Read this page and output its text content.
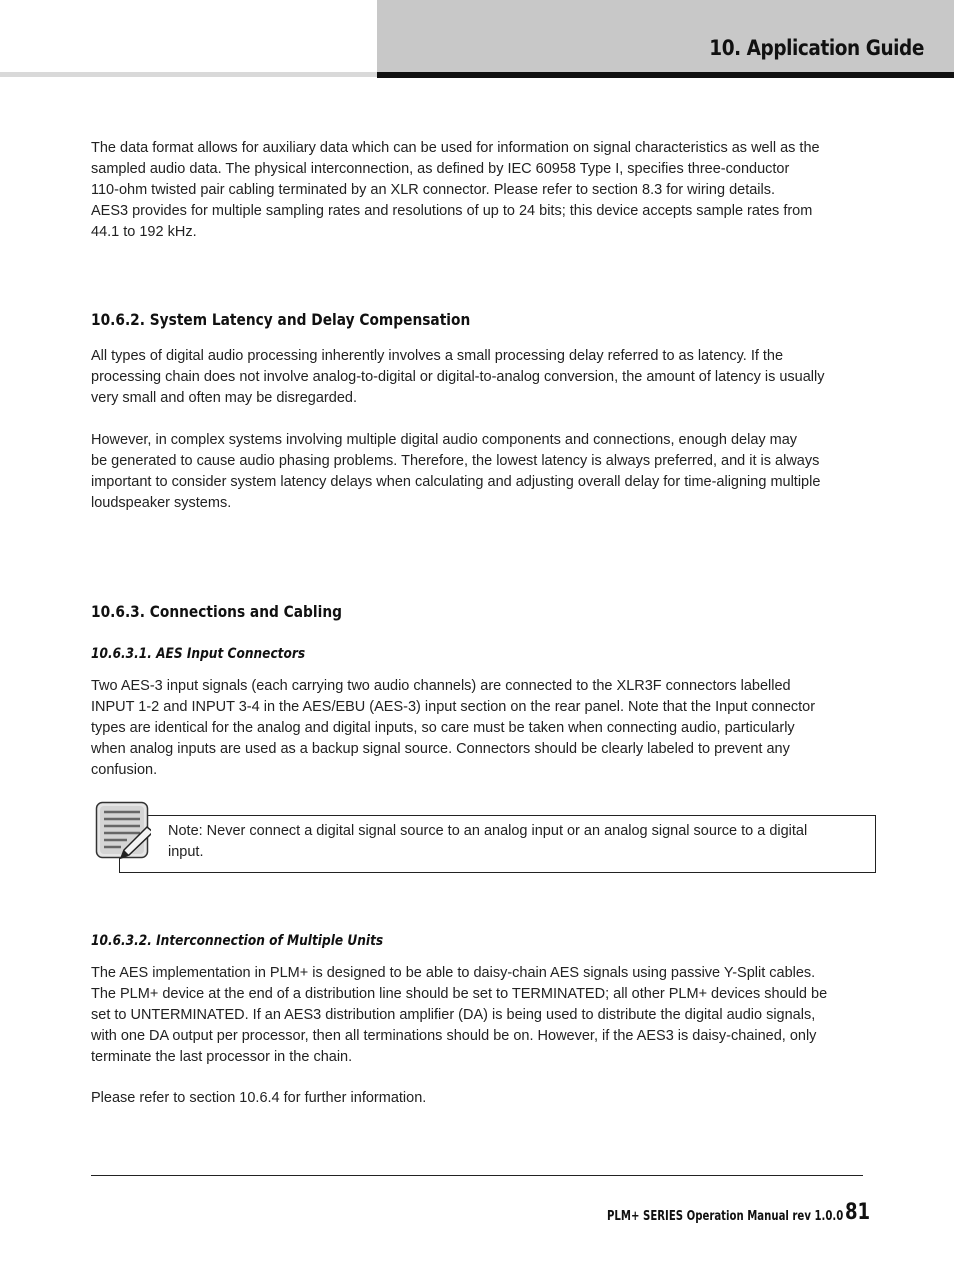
10. Application Guide

The data format allows for auxiliary data which can be used for information on signal characteristics as well as the
sampled audio data. The physical interconnection, as defined by IEC 60958 Type I, specifies three-conductor
110-ohm twisted pair cabling terminated by an XLR connector. Please refer to section 8.3 for wiring details.
AES3 provides for multiple sampling rates and resolutions of up to 24 bits; this device accepts sample rates from
44.1 to 192 kHz.

10.6.2. System Latency and Delay Compensation

All types of digital audio processing inherently involves a small processing delay referred to as latency. If the
processing chain does not involve analog-to-digital or digital-to-analog conversion, the amount of latency is usually
very small and often may be disregarded.

However, in complex systems involving multiple digital audio components and connections, enough delay may
be generated to cause audio phasing problems. Therefore, the lowest latency is always preferred, and it is always
important to consider system latency delays when calculating and adjusting overall delay for time-aligning multiple
loudspeaker systems.

10.6.3. Connections and Cabling
10.6.3.1. AES Input Connectors

Two AES-3 input signals (each carrying two audio channels) are connected to the XLR3F connectors labelled
INPUT 1-2 and INPUT 3-4 in the AES/EBU (AES-3) input section on the rear panel. Note that the Input connector
types are identical for the analog and digital inputs, so care must be taken when connecting audio, particularly
when analog inputs are used as a backup signal source. Connectors should be clearly labeled to prevent any
confusion.

Note: Never connect a digital signal source to an analog input or an analog signal source to a digital
input.

10.6.3.2. Interconnection of Multiple Units

The AES implementation in PLM+ is designed to be able to daisy-chain AES signals using passive Y-Split cables.
The PLM+ device at the end of a distribution line should be set to TERMINATED; all other PLM+ devices should be
set to UNTERMINATED. If an AES3 distribution amplifier (DA) is being used to distribute the digital audio signals,
with one DA output per processor, then all terminations should be on. However, if the AES3 is daisy-chained, only
terminate the last processor in the chain.

Please refer to section 10.6.4 for further information.

PLM+ SERIES Operation Manual rev 1.0.0 81
